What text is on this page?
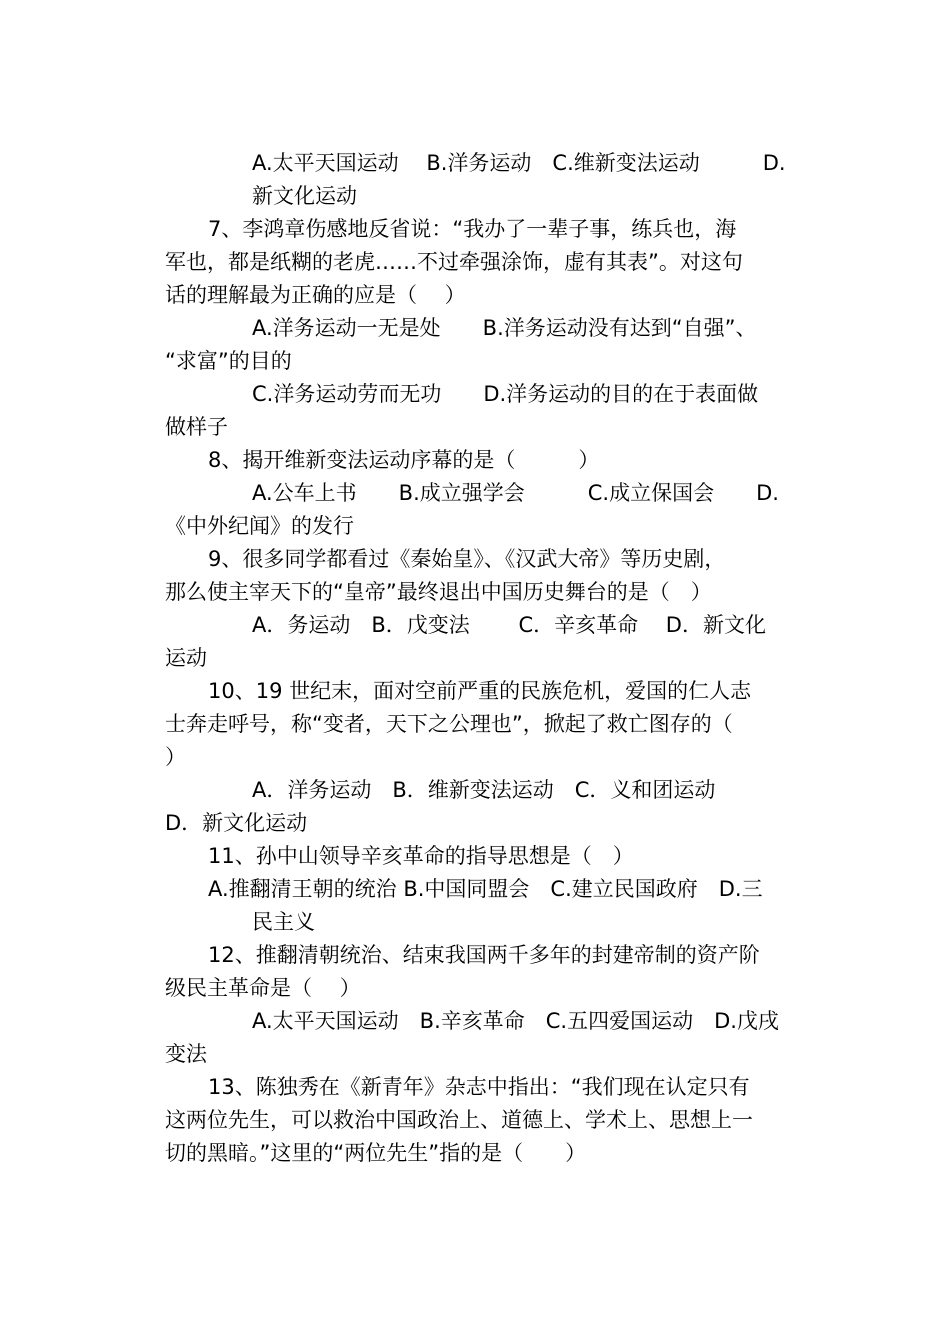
A.太平天国运动　 B.洋务运动　C.维新变法运动　　　D.
新文化运动
7、李鸿章伤感地反省说：“我办了一辈子事，练兵也，海
军也，都是纸糊的老虎……不过牵强涂饰，虚有其表”。对这句
话的理解最为正确的应是（　 ）
A.洋务运动一无是处　　B.洋务运动没有达到“自强”、
“求富”的目的
C.洋务运动劳而无功　　D.洋务运动的目的在于表面做
做样子
8、揭开维新变法运动序幕的是（　　　）
A.公车上书　　B.成立强学会　　　C.成立保国会　　D.
《中外纪闻》的发行
9、很多同学都看过《秦始皇》、《汉武大帝》等历史剧，
那么使主宰天下的“皇帝”最终退出中国历史舞台的是（　）
A．务运动　B．戊变法　　 C．辛亥革命　 D．新文化
运动
10、19 世纪末，面对空前严重的民族危机，爱国的仁人志
士奔走呼号，称“变者，天下之公理也”，掀起了救亡图存的（
）
A．洋务运动　B．维新变法运动　C．义和团运动
D．新文化运动
11、孙中山领导辛亥革命的指导思想是（　）
A.推翻清王朝的统治 B.中国同盟会　C.建立民国政府　D.三
民主义
12、推翻清朝统治、结束我国两千多年的封建帝制的资产阶
级民主革命是（　 ）
A.太平天国运动　B.辛亥革命　C.五四爱国运动　D.戊戌
变法
13、陈独秀在《新青年》杂志中指出：“我们现在认定只有
这两位先生，可以救治中国政治上、道德上、学术上、思想上一
切的黑暗。”这里的“两位先生”指的是（　　）
